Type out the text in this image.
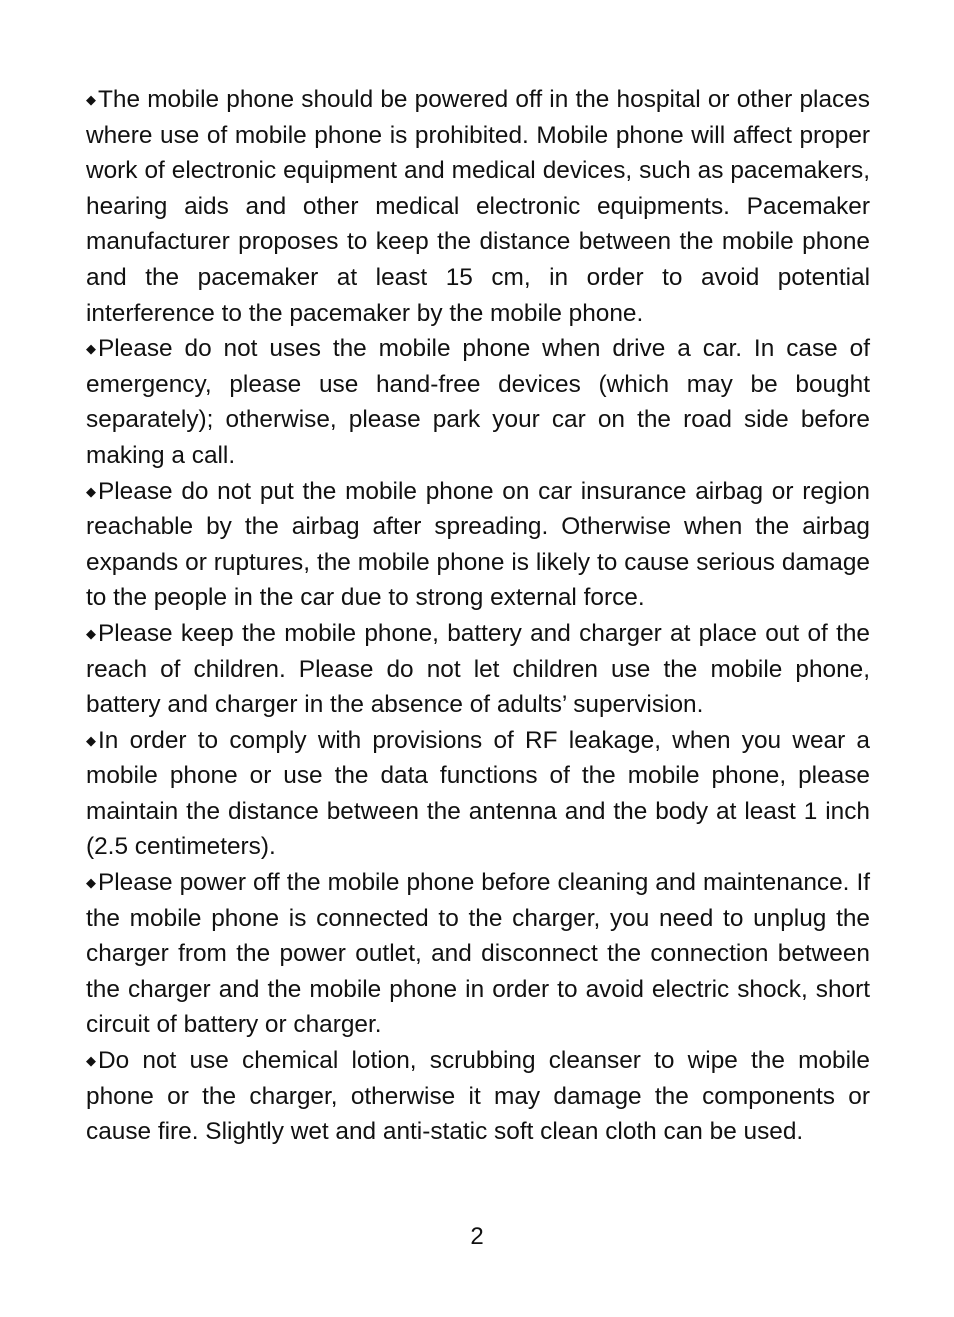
◆The mobile phone should be powered off in the hospital or other places where use of mobile phone is prohibited. Mobile phone will affect proper work of electronic equipment and medical devices, such as pacemakers, hearing aids and other medical electronic equipments. Pacemaker manufacturer proposes to keep the distance between the mobile phone and the pacemaker at least 15 cm, in order to avoid potential interference to the pacemaker by the mobile phone.

◆Please do not uses the mobile phone when drive a car. In case of emergency, please use hand-free devices (which may be bought separately); otherwise, please park your car on the road side before making a call.

◆Please do not put the mobile phone on car insurance airbag or region reachable by the airbag after spreading. Otherwise when the airbag expands or ruptures, the mobile phone is likely to cause serious damage to the people in the car due to strong external force.

◆Please keep the mobile phone, battery and charger at place out of the reach of children. Please do not let children use the mobile phone, battery and charger in the absence of adults’ supervision.

◆In order to comply with provisions of RF leakage, when you wear a mobile phone or use the data functions of the mobile phone, please maintain the distance between the antenna and the body at least 1 inch (2.5 centimeters).

◆Please power off the mobile phone before cleaning and maintenance. If the mobile phone is connected to the charger, you need to unplug the charger from the power outlet, and disconnect the connection between the charger and the mobile phone in order to avoid electric shock, short circuit of battery or charger.

◆Do not use chemical lotion, scrubbing cleanser to wipe the mobile phone or the charger, otherwise it may damage the components or cause fire. Slightly wet and anti-static soft clean cloth can be used.

2
